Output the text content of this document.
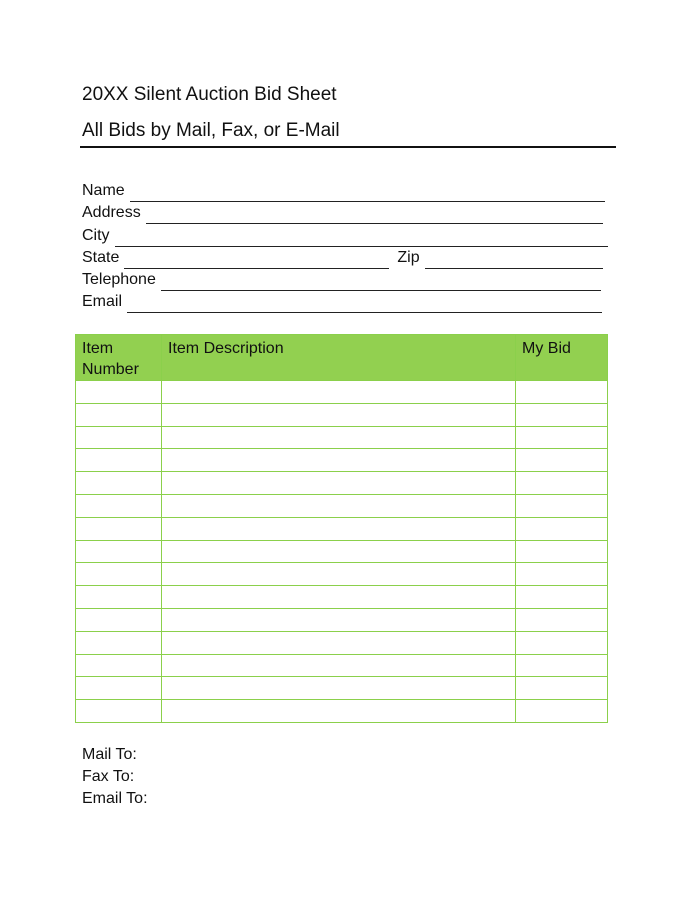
20XX Silent Auction Bid Sheet
All Bids by Mail, Fax, or E-Mail
Name
Address
City
State	Zip
Telephone
Email
Item Number	Item Description	My Bid

Mail To:
Fax To:
Email To:
